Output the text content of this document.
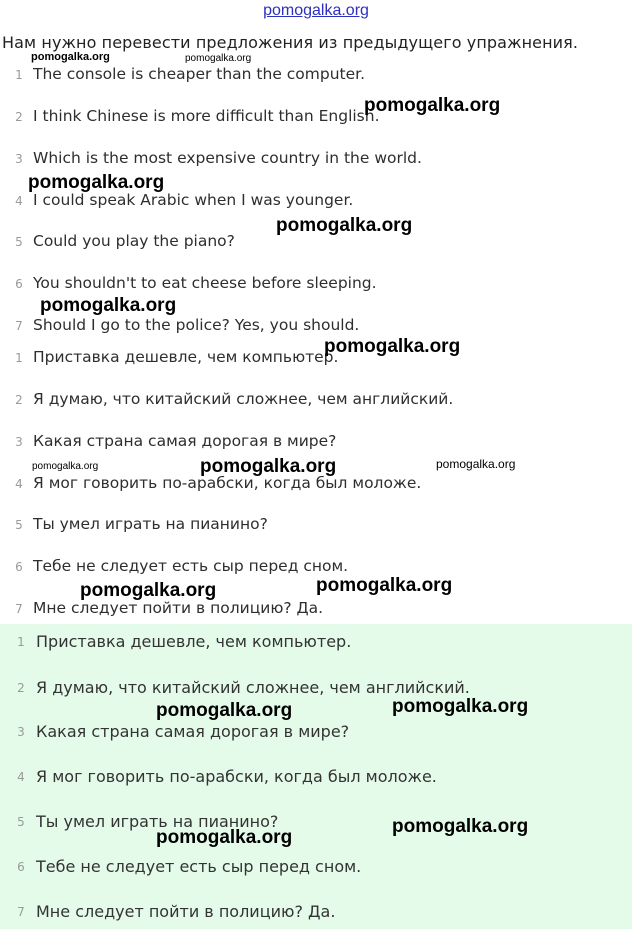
pomogalka.org
Нам нужно перевести предложения из предыдущего упражнения.
1 The console is cheaper than the computer.
2 I think Chinese is more difficult than English.
3 Which is the most expensive country in the world.
4 I could speak Arabic when I was younger.
5 Could you play the piano?
6 You shouldn't to eat cheese before sleeping.
7 Should I go to the police? Yes, you should.
1 Приставка дешевле, чем компьютер.
2 Я думаю, что китайский сложнее, чем английский.
3 Какая страна самая дорогая в мире?
4 Я мог говорить по-арабски, когда был моложе.
5 Ты умел играть на пианино?
6 Тебе не следует есть сыр перед сном.
7 Мне следует пойти в полицию? Да.
1 Приставка дешевле, чем компьютер.
2 Я думаю, что китайский сложнее, чем английский.
3 Какая страна самая дорогая в мире?
4 Я мог говорить по-арабски, когда был моложе.
5 Ты умел играть на пианино?
6 Тебе не следует есть сыр перед сном.
7 Мне следует пойти в полицию? Да.
pomogalka.org	pomogalka.org
pomogalka.org
pomogalka.org
pomogalka.org
pomogalka.org
pomogalka.org
pomogalka.org	pomogalka.org	pomogalka.org
pomogalka.org	pomogalka.org
pomogalka.org	pomogalka.org
pomogalka.org
pomogalka.org
